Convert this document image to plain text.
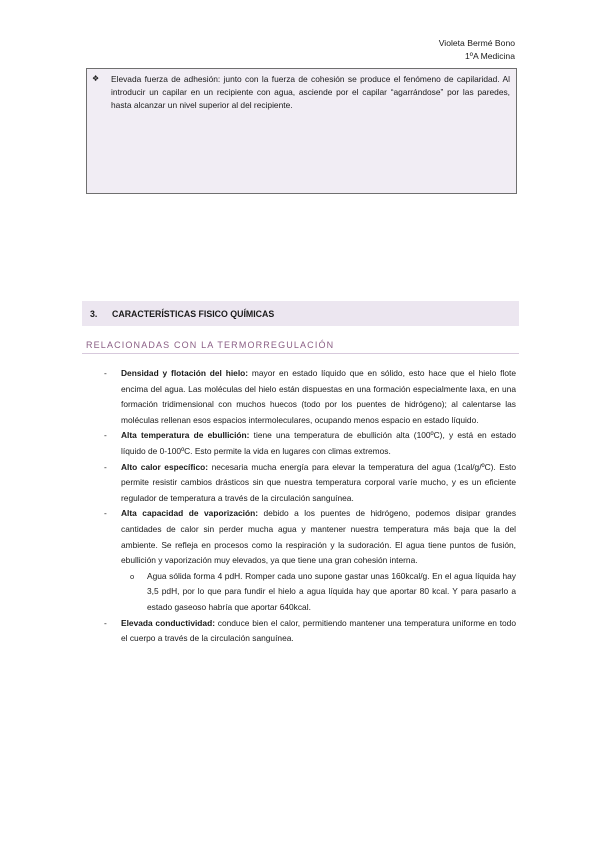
Violeta Bermé Bono
1ºA Medicina
❖ Elevada fuerza de adhesión: junto con la fuerza de cohesión se produce el fenómeno de capilaridad. Al introducir un capilar en un recipiente con agua, asciende por el capilar “agarrándose” por las paredes, hasta alcanzar un nivel superior al del recipiente.
3.	CARACTERÍSTICAS FISICO QUÍMICAS
RELACIONADAS CON LA TERMORREGULACIÓN
- Densidad y flotación del hielo: mayor en estado líquido que en sólido, esto hace que el hielo flote encima del agua. Las moléculas del hielo están dispuestas en una formación especialmente laxa, en una formación tridimensional con muchos huecos (todo por los puentes de hidrógeno); al calentarse las moléculas rellenan esos espacios intermoleculares, ocupando menos espacio en estado líquido.
- Alta temperatura de ebullición: tiene una temperatura de ebullición alta (100ºC), y está en estado líquido de 0-100ºC. Esto permite la vida en lugares con climas extremos.
- Alto calor específico: necesaria mucha energía para elevar la temperatura del agua (1cal/g/ºC). Esto permite resistir cambios drásticos sin que nuestra temperatura corporal varíe mucho, y es un eficiente regulador de temperatura a través de la circulación sanguínea.
- Alta capacidad de vaporización: debido a los puentes de hidrógeno, podemos disipar grandes cantidades de calor sin perder mucha agua y mantener nuestra temperatura más baja que la del ambiente. Se refleja en procesos como la respiración y la sudoración. El agua tiene puntos de fusión, ebullición y vaporización muy elevados, ya que tiene una gran cohesión interna.
o Agua sólida forma 4 pdH. Romper cada uno supone gastar unas 160kcal/g. En el agua líquida hay 3,5 pdH, por lo que para fundir el hielo a agua líquida hay que aportar 80 kcal. Y para pasarlo a estado gaseoso habría que aportar 640kcal.
- Elevada conductividad: conduce bien el calor, permitiendo mantener una temperatura uniforme en todo el cuerpo a través de la circulación sanguínea.
